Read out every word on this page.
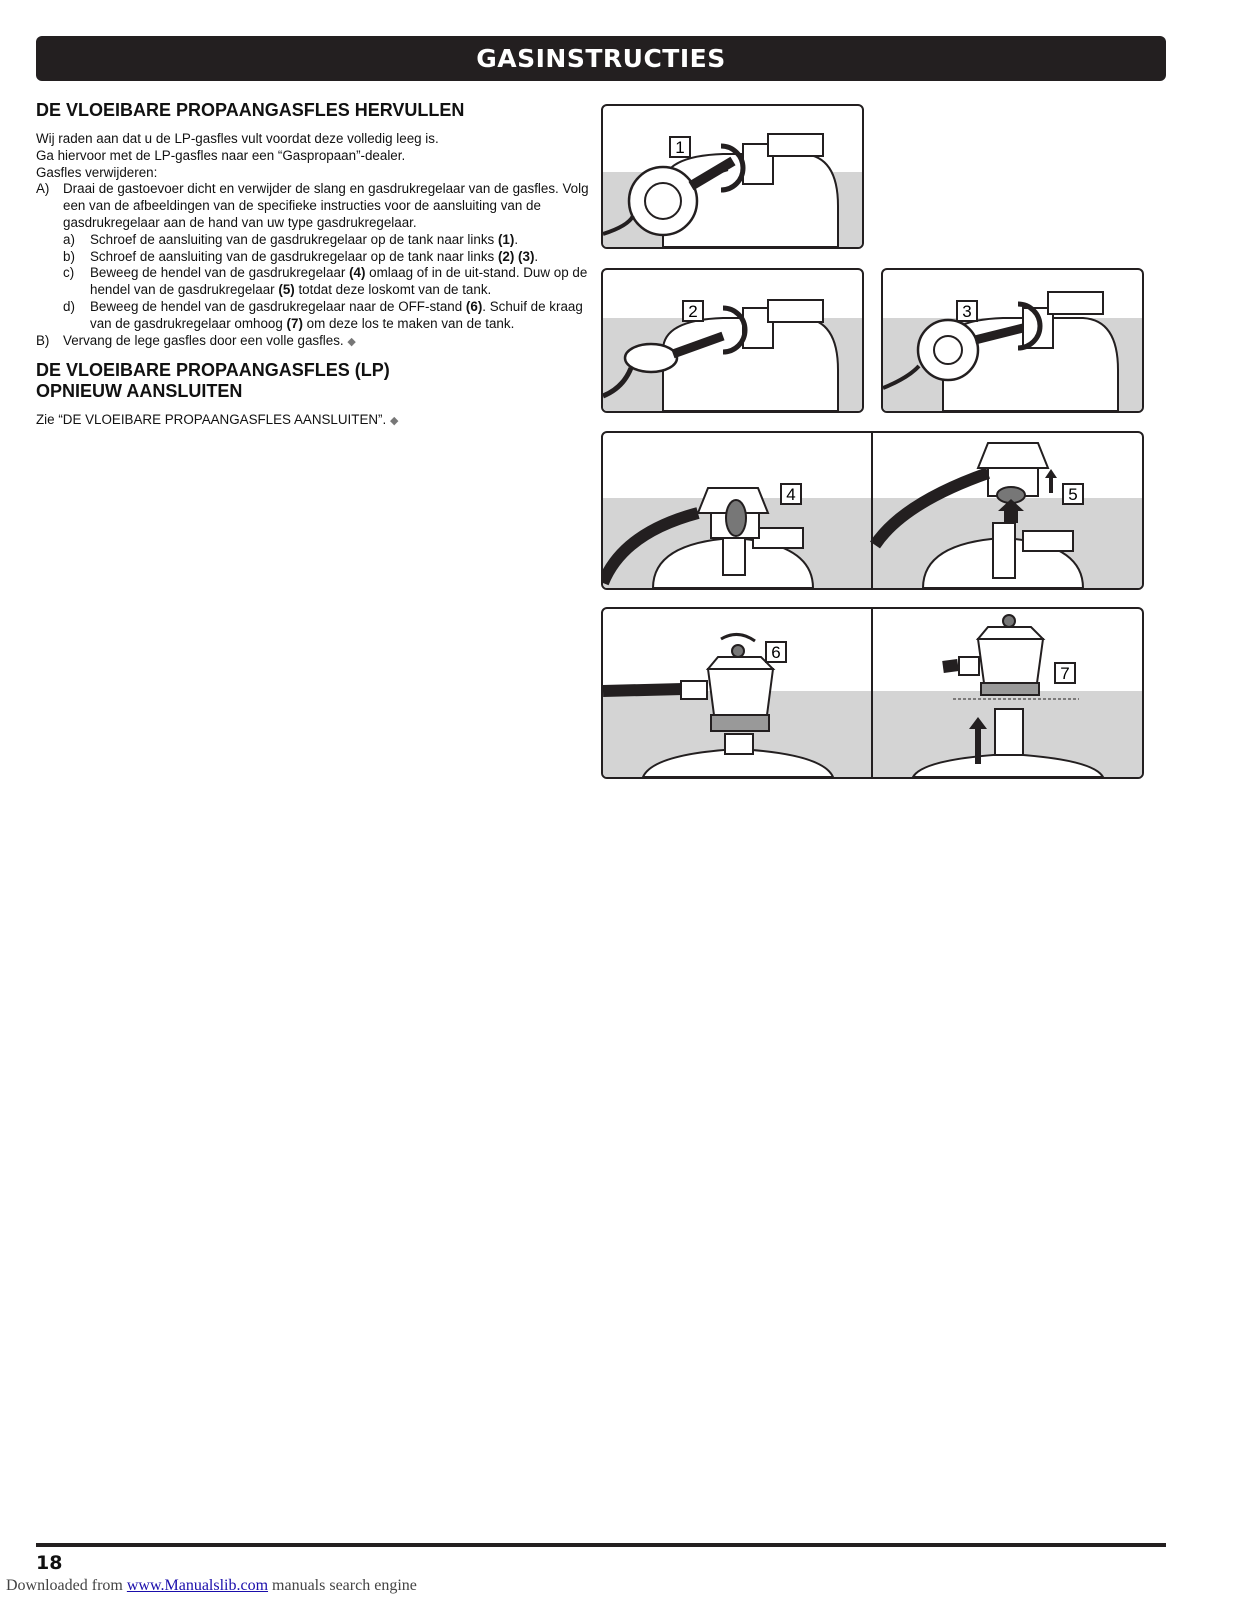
GASINSTRUCTIES
DE VLOEIBARE PROPAANGASFLES HERVULLEN

Wij raden aan dat u de LP-gasfles vult voordat deze volledig leeg is.

Ga hiervoor met de LP-gasfles naar een “Gaspropaan”-dealer.

Gasfles verwijderen:

A)	Draai de gastoevoer dicht en verwijder de slang en gasdrukregelaar van de gasfles. Volg een van de afbeeldingen van de specifieke instructies voor de aansluiting van de gasdrukregelaar aan de hand van uw type gasdrukregelaar.
a)	Schroef de aansluiting van de gasdrukregelaar op de tank naar links (1).
b)	Schroef de aansluiting van de gasdrukregelaar op de tank naar links (2) (3).
c)	Beweeg de hendel van de gasdrukregelaar (4) omlaag of in de uit-stand. Duw op de hendel van de gasdrukregelaar (5) totdat deze loskomt van de tank.
d)	Beweeg de hendel van de gasdrukregelaar naar de OFF-stand (6). Schuif de kraag van de gasdrukregelaar omhoog (7) om deze los te maken van de tank.
B)	Vervang de lege gasfles door een volle gasfles. ◆
DE VLOEIBARE PROPAANGASFLES (LP)
OPNIEUW AANSLUITEN

Zie “DE VLOEIBARE PROPAANGASFLES AANSLUITEN”. ◆

1
2	3
4	5
6
7
18
Downloaded from www.Manualslib.com manuals search engine
